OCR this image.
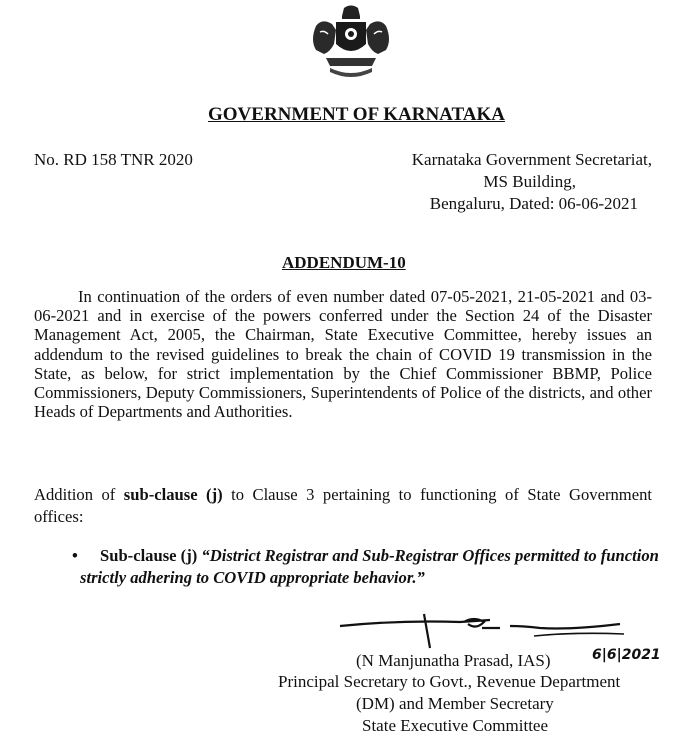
GOVERNMENT OF KARNATAKA
No. RD 158 TNR 2020	Karnataka Government Secretariat,
MS Building,
Bengaluru, Dated: 06-06-2021
ADDENDUM-10
In continuation of the orders of even number dated 07-05-2021, 21-05-2021 and 03-06-2021 and in exercise of the powers conferred under the Section 24 of the Disaster Management Act, 2005, the Chairman, State Executive Committee, hereby issues an addendum to the revised guidelines to break the chain of COVID 19 transmission in the State, as below, for strict implementation by the Chief Commissioner BBMP, Police Commissioners, Deputy Commissioners, Superintendents of Police of the districts, and other Heads of Departments and Authorities.
Addition of sub-clause (j) to Clause 3 pertaining to functioning of State Government offices:
• Sub-clause (j) “District Registrar and Sub-Registrar Offices permitted to function strictly adhering to COVID appropriate behavior.”
6|6|2021
(N Manjunatha Prasad, IAS)
Principal Secretary to Govt., Revenue Department
(DM) and Member Secretary
State Executive Committee
